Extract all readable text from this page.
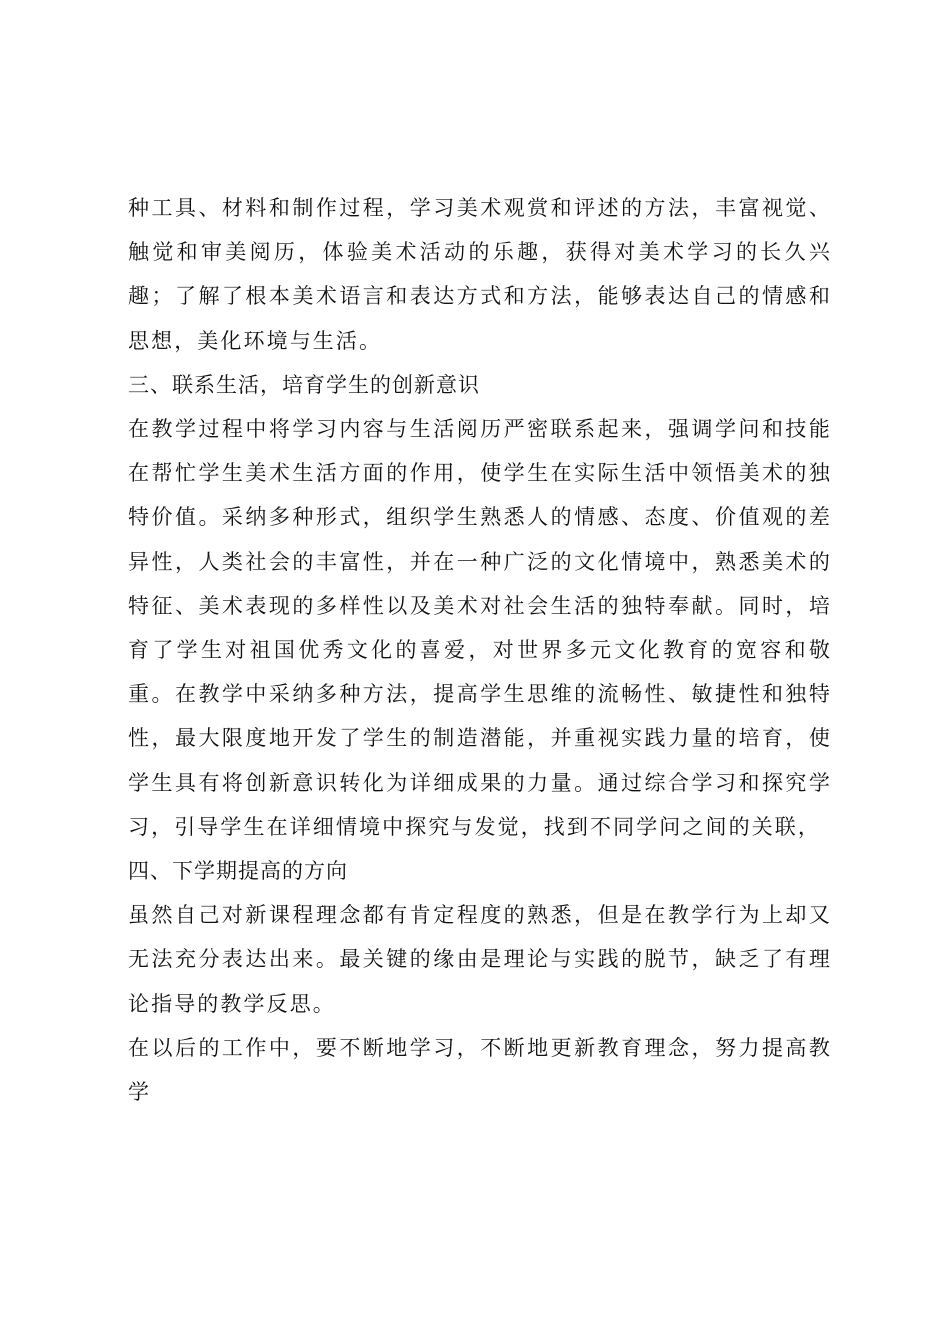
种工具、材料和制作过程，学习美术观赏和评述的方法，丰富视觉、触觉和审美阅历，体验美术活动的乐趣，获得对美术学习的长久兴趣；了解了根本美术语言和表达方式和方法，能够表达自己的情感和思想，美化环境与生活。

三、联系生活，培育学生的创新意识

在教学过程中将学习内容与生活阅历严密联系起来，强调学问和技能在帮忙学生美术生活方面的作用，使学生在实际生活中领悟美术的独特价值。采纳多种形式，组织学生熟悉人的情感、态度、价值观的差异性，人类社会的丰富性，并在一种广泛的文化情境中，熟悉美术的特征、美术表现的多样性以及美术对社会生活的独特奉献。同时，培育了学生对祖国优秀文化的喜爱，对世界多元文化教育的宽容和敬重。在教学中采纳多种方法，提高学生思维的流畅性、敏捷性和独特性，最大限度地开发了学生的制造潜能，并重视实践力量的培育，使学生具有将创新意识转化为详细成果的力量。通过综合学习和探究学习，引导学生在详细情境中探究与发觉，找到不同学问之间的关联，

四、下学期提高的方向

虽然自己对新课程理念都有肯定程度的熟悉，但是在教学行为上却又无法充分表达出来。最关键的缘由是理论与实践的脱节，缺乏了有理论指导的教学反思。

在以后的工作中，要不断地学习，不断地更新教育理念，努力提高教学
